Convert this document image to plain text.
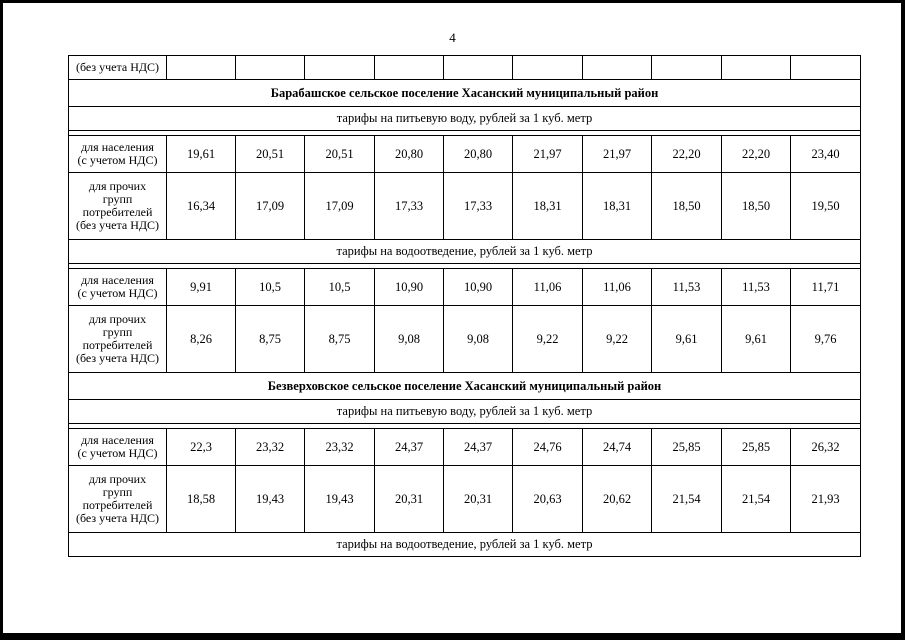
4
(без учета НДС)										
Барабашское сельское поселение Хасанский муниципальный район										
тарифы на питьевую воду, рублей за 1 куб. метр										

для населения
(с учетом НДС)	19,61	20,51	20,51	20,80	20,80	21,97	21,97	22,20	22,20	23,40
для прочих
групп
потребителей
(без учета НДС)	16,34	17,09	17,09	17,33	17,33	18,31	18,31	18,50	18,50	19,50
тарифы на водоотведение, рублей за 1 куб. метр										

для населения
(с учетом НДС)	9,91	10,5	10,5	10,90	10,90	11,06	11,06	11,53	11,53	11,71
для прочих
групп
потребителей
(без учета НДС)	8,26	8,75	8,75	9,08	9,08	9,22	9,22	9,61	9,61	9,76
Безверховское сельское поселение Хасанский муниципальный район										
тарифы на питьевую воду, рублей за 1 куб. метр										

для населения
(с учетом НДС)	22,3	23,32	23,32	24,37	24,37	24,76	24,74	25,85	25,85	26,32
для прочих
групп
потребителей
(без учета НДС)	18,58	19,43	19,43	20,31	20,31	20,63	20,62	21,54	21,54	21,93
тарифы на водоотведение, рублей за 1 куб. метр										
